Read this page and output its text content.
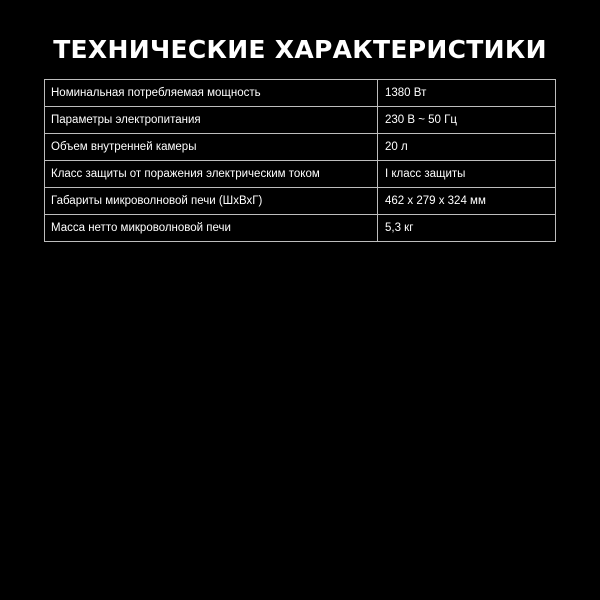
ТЕХНИЧЕСКИЕ ХАРАКТЕРИСТИКИ
Номинальная потребляемая мощность	1380 Вт
Параметры электропитания	230 В ~ 50 Гц
Объем внутренней камеры	20 л
Класс защиты от поражения электрическим током	I класс защиты
Габариты микроволновой печи (ШхВхГ)	462 x 279 x 324 мм
Масса нетто микроволновой печи	5,3 кг
